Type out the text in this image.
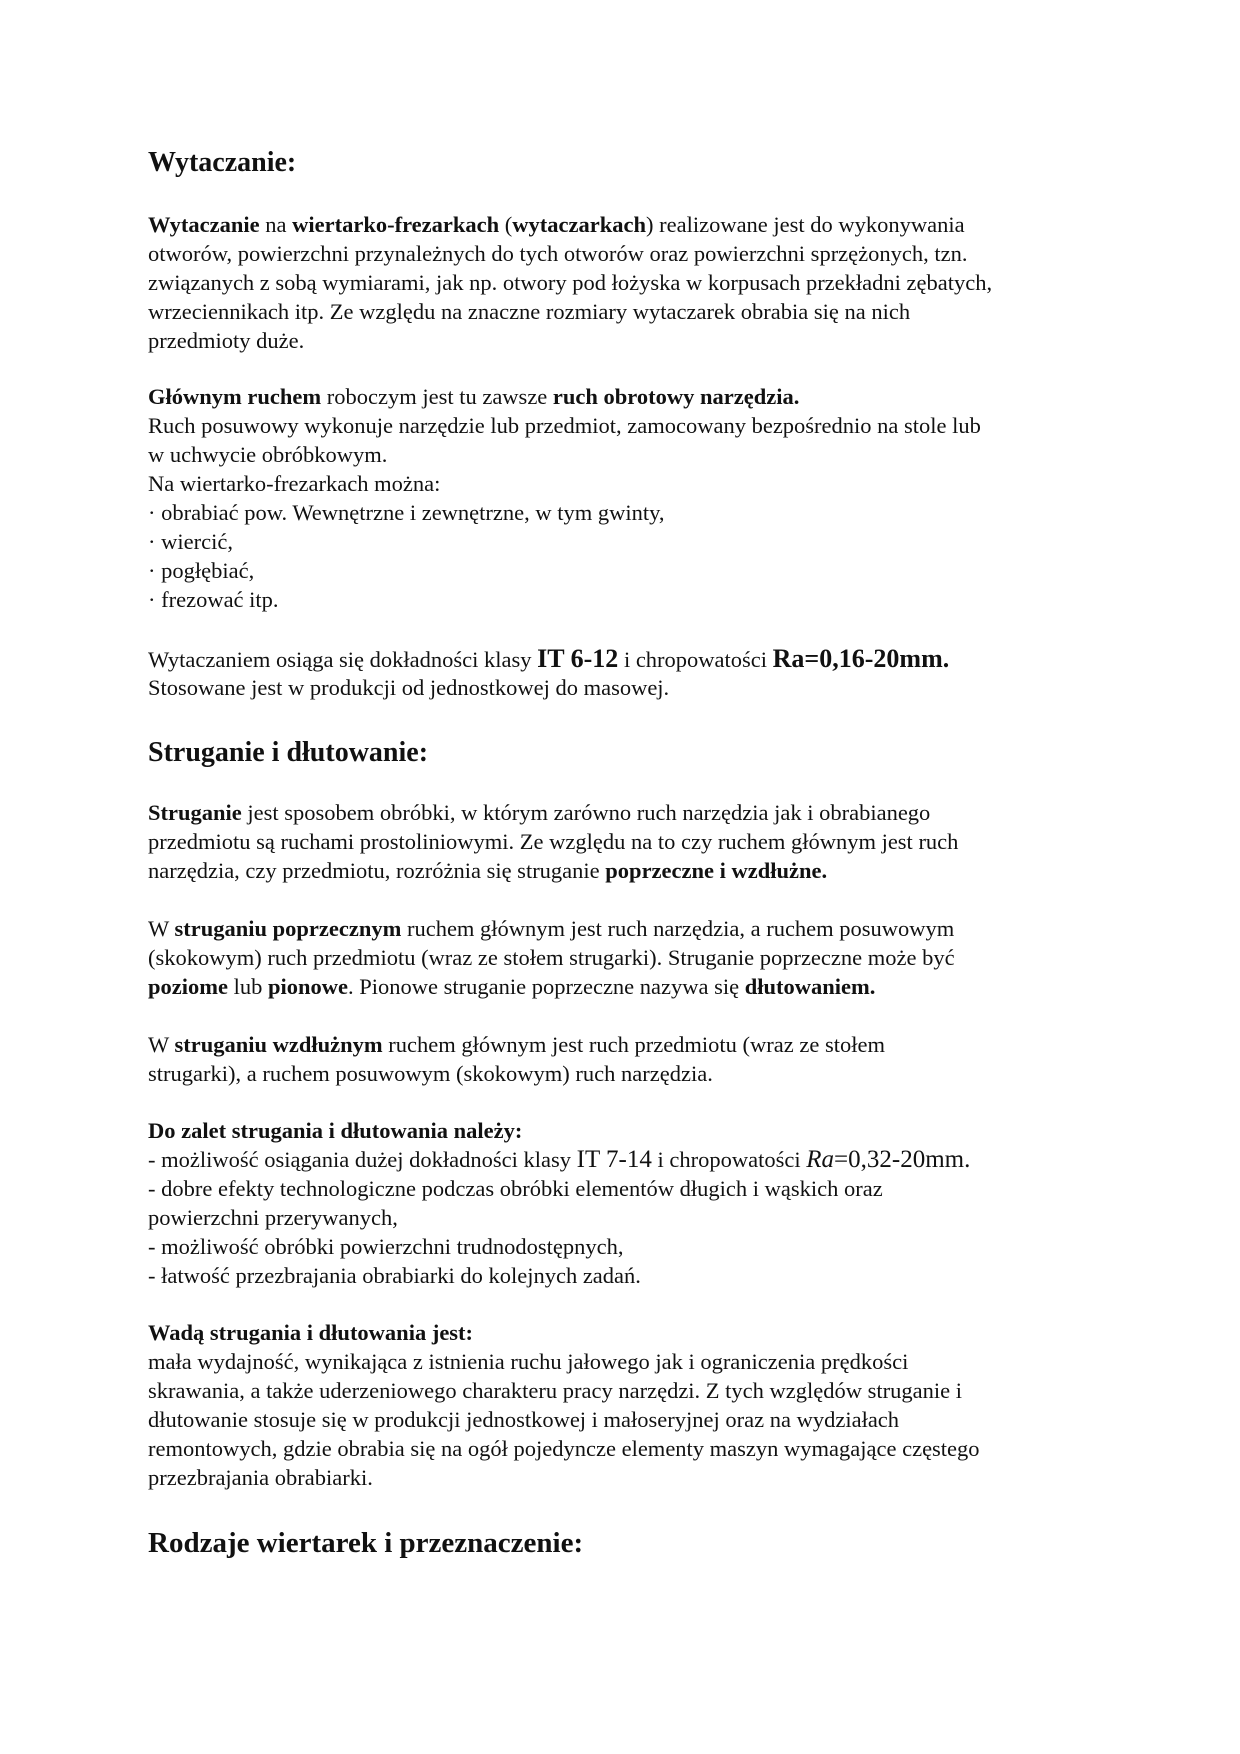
Wytaczanie:
Wytaczanie na wiertarko-frezarkach (wytaczarkach) realizowane jest do wykonywania
otworów, powierzchni przynależnych do tych otworów oraz powierzchni sprzężonych, tzn.
związanych z sobą wymiarami, jak np. otwory pod łożyska w korpusach przekładni zębatych,
wrzeciennikach itp. Ze względu na znaczne rozmiary wytaczarek obrabia się na nich
przedmioty duże.
Głównym ruchem roboczym jest tu zawsze ruch obrotowy narzędzia.
Ruch posuwowy wykonuje narzędzie lub przedmiot, zamocowany bezpośrednio na stole lub
w uchwycie obróbkowym.
Na wiertarko-frezarkach można:
· obrabiać pow. Wewnętrzne i zewnętrzne, w tym gwinty,
· wiercić,
· pogłębiać,
· frezować itp.
Wytaczaniem osiąga się dokładności klasy IT 6-12 i chropowatości Ra=0,16-20mm.
Stosowane jest w produkcji od jednostkowej do masowej.
Struganie i dłutowanie:
Struganie jest sposobem obróbki, w którym zarówno ruch narzędzia jak i obrabianego
przedmiotu są ruchami prostoliniowymi. Ze względu na to czy ruchem głównym jest ruch
narzędzia, czy przedmiotu, rozróżnia się struganie poprzeczne i wzdłużne.
W struganiu poprzecznym ruchem głównym jest ruch narzędzia, a ruchem posuwowym
(skokowym) ruch przedmiotu (wraz ze stołem strugarki). Struganie poprzeczne może być
poziome lub pionowe. Pionowe struganie poprzeczne nazywa się dłutowaniem.
W struganiu wzdłużnym ruchem głównym jest ruch przedmiotu (wraz ze stołem
strugarki), a ruchem posuwowym (skokowym) ruch narzędzia.
Do zalet strugania i dłutowania należy:
- możliwość osiągania dużej dokładności klasy IT 7-14 i chropowatości Ra=0,32-20mm.
- dobre efekty technologiczne podczas obróbki elementów długich i wąskich oraz
powierzchni przerywanych,
- możliwość obróbki powierzchni trudnodostępnych,
- łatwość przezbrajania obrabiarki do kolejnych zadań.
Wadą strugania i dłutowania jest:
mała wydajność, wynikająca z istnienia ruchu jałowego jak i ograniczenia prędkości
skrawania, a także uderzeniowego charakteru pracy narzędzi. Z tych względów struganie i
dłutowanie stosuje się w produkcji jednostkowej i małoseryjnej oraz na wydziałach
remontowych, gdzie obrabia się na ogół pojedyncze elementy maszyn wymagające częstego
przezbrajania obrabiarki.
Rodzaje wiertarek i przeznaczenie:
